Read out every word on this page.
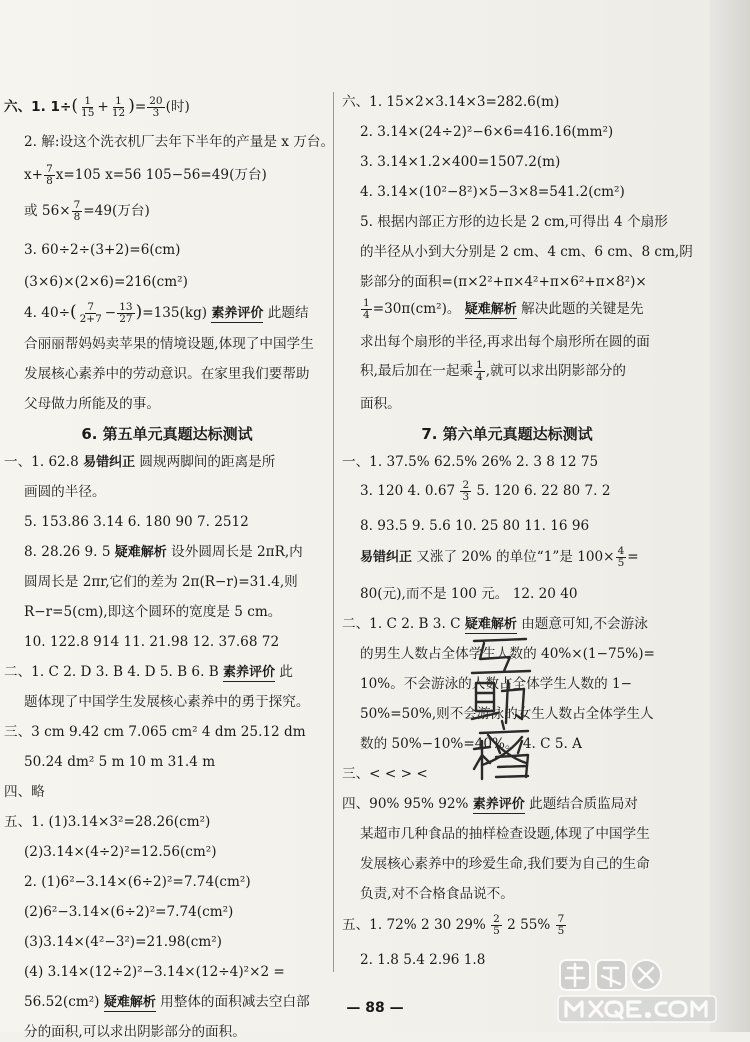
六、1. $1\div( \frac{1}{15} + \frac{1}{12}$ )= $\frac{20}{3}$ (时)
2. 解:设这个洗衣机厂去年下半年的产量是 x 万台。
$x+ \frac{7}{8} x=105$ x=56 105−56=49(万台)
或 $56\times \frac{7}{8} =49$(万台)
3. 60÷2÷(3+2)=6(cm)
(3×6)×(2×6)=216(cm²)
4. $40\div( \frac{7}{2+7} - \frac{13}{27} )=135(kg)$ 素养评价 此题结
合丽丽帮妈妈卖苹果的情境设题,体现了中国学生
发展核心素养中的劳动意识。在家里我们要帮助
父母做力所能及的事。
6. 第五单元真题达标测试
一、1. 62.8 易错纠正 圆规两脚间的距离是所
画圆的半径。
5. 153.86 3.14 6. 180 90 7. 2512
8. 28.26 9. 5 疑难解析 设外圆周长是 2πR,内
圆周长是 2πr,它们的差为 2π(R−r)=31.4,则
R−r=5(cm),即这个圆环的宽度是 5 cm。
10. 122.8 914 11. 21.98 12. 37.68 72
二、1. C 2. D 3. B 4. D 5. B 6. B 素养评价 此
题体现了中国学生发展核心素养中的勇于探究。
三、3 cm 9.42 cm 7.065 cm² 4 dm 25.12 dm
50.24 dm² 5 m 10 m 31.4 m
四、略
五、1. (1)3.14×3²=28.26(cm²)
(2)3.14×(4÷2)²=12.56(cm²)
2. (1)6²−3.14×(6÷2)²=7.74(cm²)
(2)6²−3.14×(6÷2)²=7.74(cm²)
(3)3.14×(4²−3²)=21.98(cm²)
(4) 3.14×(12÷2)²−3.14×(12÷4)²×2 =
56.52(cm²) 疑难解析 用整体的面积减去空白部
分的面积,可以求出阴影部分的面积。
六、1. 15×2×3.14×3=282.6(m)
2. 3.14×(24÷2)²−6×6=416.16(mm²)
3. 3.14×1.2×400=1507.2(m)
4. 3.14×(10²−8²)×5−3×8=541.2(cm²)
5. 根据内部正方形的边长是 2 cm,可得出 4 个扇形
的半径从小到大分别是 2 cm、4 cm、6 cm、8 cm,阴
影部分的面积=(π×2²+π×4²+π×6²+π×8²)×
$\frac{1}{4} =30\pi(cm^2)$。 疑难解析 解决此题的关键是先
求出每个扇形的半径,再求出每个扇形所在圆的面
积,最后加在一起乘 $\frac{1}{4}$ ,就可以求出阴影部分的
面积。
7. 第六单元真题达标测试
一、1. 37.5% 62.5% 26% 2. 3 8 12 75
3. 120 4. $0.67 \frac{2}{3} 5$. 120 6. 22 80 7. 2
8. 93.5 9. 5.6 10. 25 80 11. 16 96
易错纠正 又涨了 20% 的单位“1”是 $100\times \frac{4}{5}$ =
80(元),而不是 100 元。 12. 20 40
二、1. C 2. B 3. C 疑难解析 由题意可知,不会游泳
的男生人数占全体学生人数的 40%×(1−75%)=
10%。不会游泳的人数占全体学生人数的 1−
50%=50%,则不会游泳的女生人数占全体学生人
数的 50%−10%=40%。 4. C 5. A
三、< < > <
四、90% 95% 92% 素养评价 此题结合质监局对
某超市几种食品的抽样检查设题,体现了中国学生
发展核心素养中的珍爱生命,我们要为自己的生命
负责,对不合格食品说不。
五、1. 72% 2 30 $29\% \frac{2}{5} 2$ $55\% \frac{7}{5}$
2. 1.8 5.4 2.96 1.8
— 88 —
